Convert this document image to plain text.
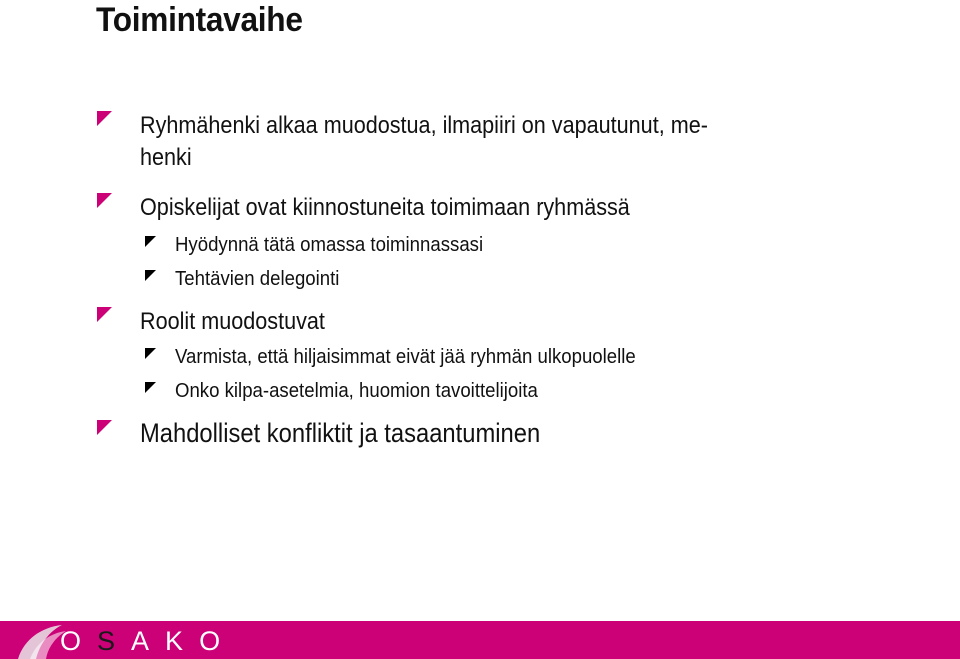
Toimintavaihe
Ryhmähenki alkaa muodostua, ilmapiiri on vapautunut, me-
henki
Opiskelijat ovat kiinnostuneita toimimaan ryhmässä
Hyödynnä tätä omassa toiminnassasi
Tehtävien delegointi
Roolit muodostuvat
Varmista, että hiljaisimmat eivät jää ryhmän ulkopuolelle
Onko kilpa-asetelmia, huomion tavoittelijoita
Mahdolliset konfliktit ja tasaantuminen
O S A K O
